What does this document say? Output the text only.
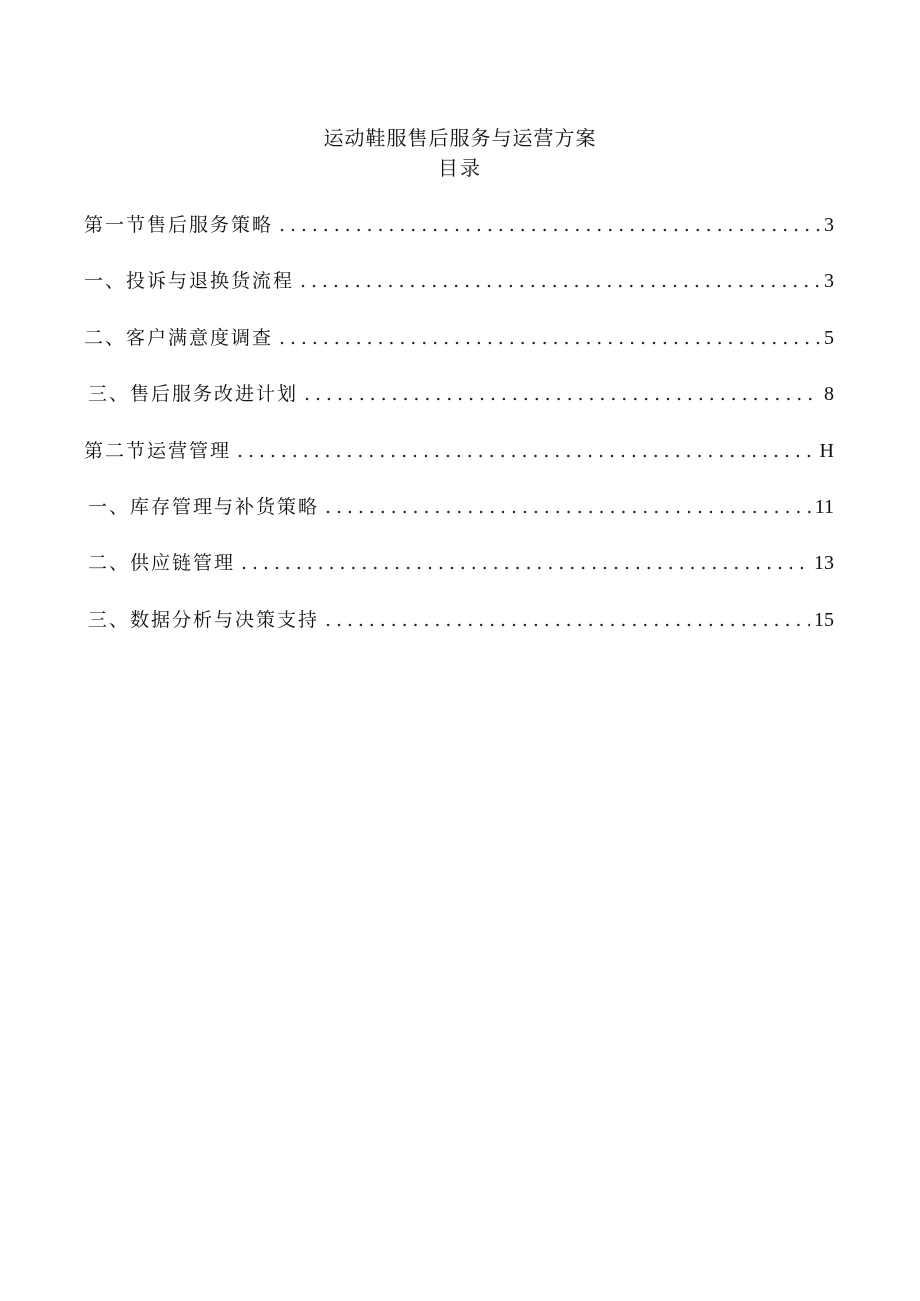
运动鞋服售后服务与运营方案
目录
第一节售后服务策略 .....	3
一、投诉与退换货流程 .....	3
二、客户满意度调查 .....	5
三、售后服务改进计划 .....	8
第二节运营管理 .....	H
一、库存管理与补货策略 .....	11
二、供应链管理 .....	13
三、数据分析与决策支持 .....	15
